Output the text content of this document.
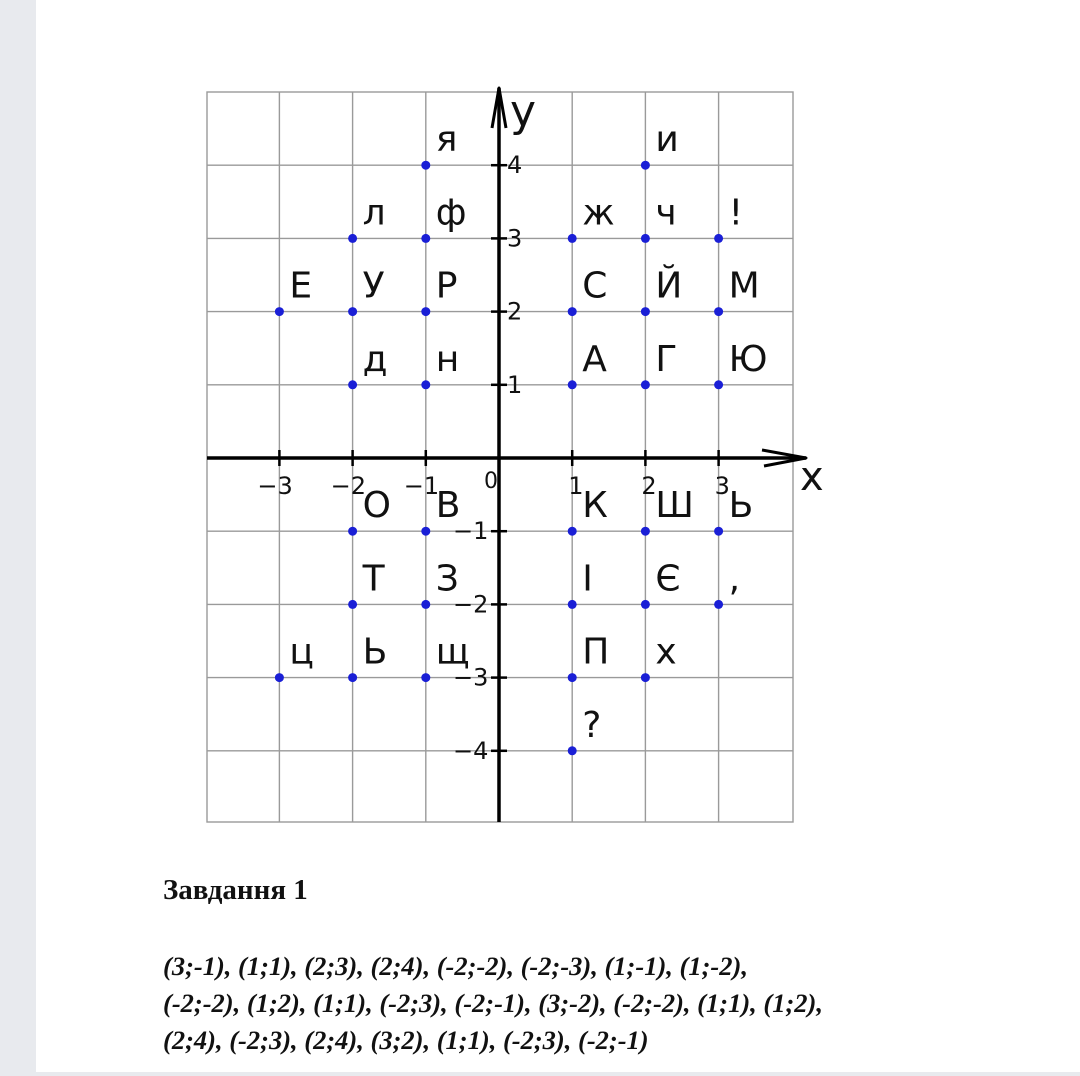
x
y
0
−3 −2 −1	1 2 3
4
3
2
1
−1
−2
−3
−4
я	и
л ф	ж ч !
Е У Р	С Й М
д н	А Г Ю
О В	К Ш Ь
Т З	І Є ,
ц Ь щ	П х
?
Завдання 1
(3;-1), (1;1), (2;3), (2;4), (-2;-2), (-2;-3), (1;-1), (1;-2),
(-2;-2), (1;2), (1;1), (-2;3), (-2;-1), (3;-2), (-2;-2), (1;1), (1;2),
(2;4), (-2;3), (2;4), (3;2), (1;1), (-2;3), (-2;-1)
